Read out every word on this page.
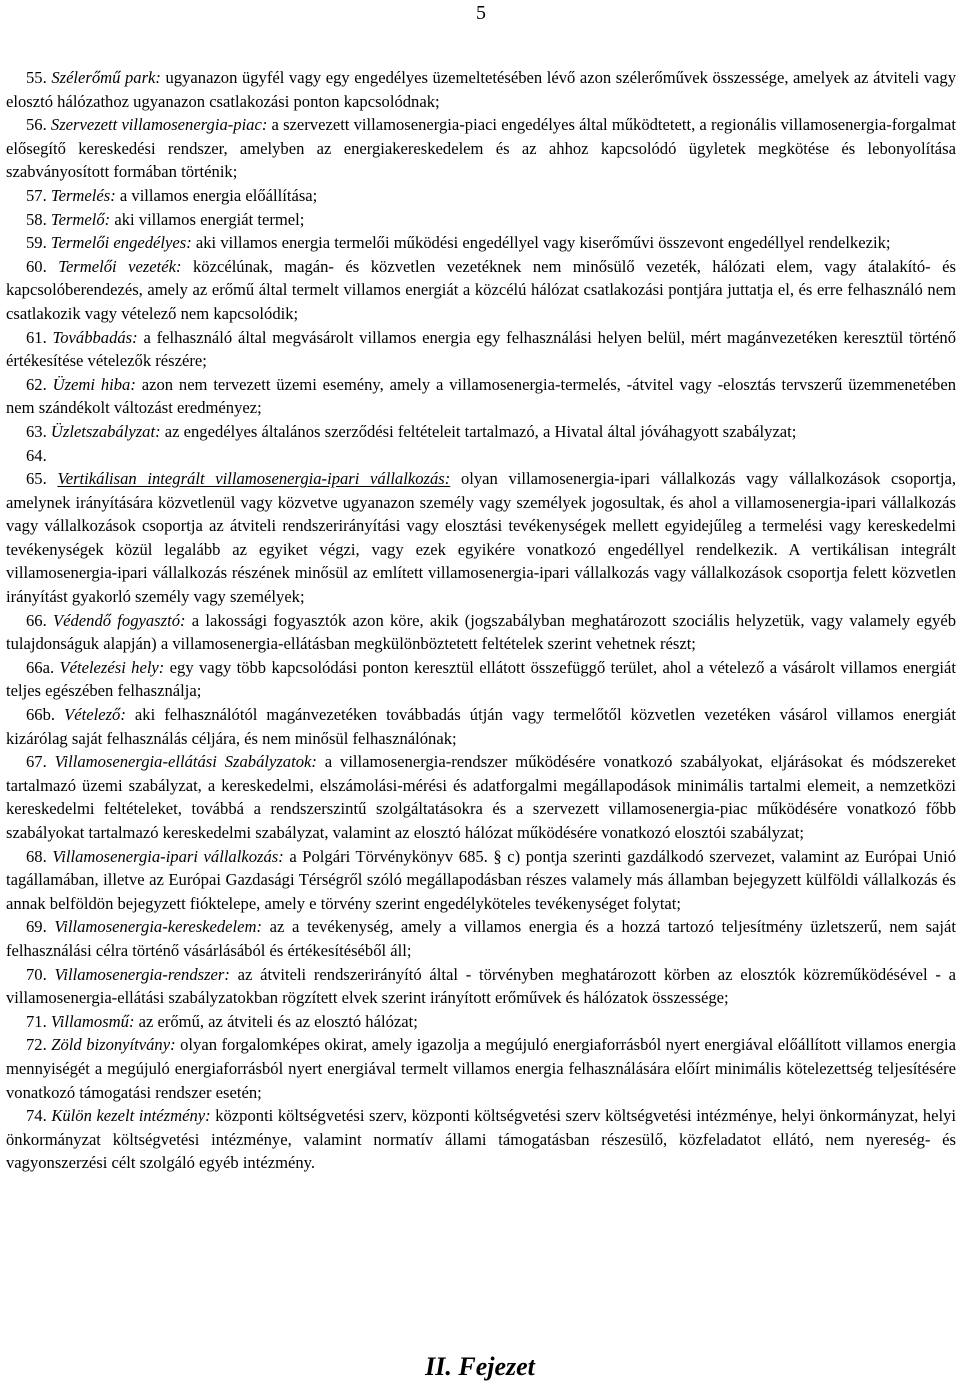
5

55. Szélerőmű park: ugyanazon ügyfél vagy egy engedélyes üzemeltetésében lévő azon szélerőművek összessége, amelyek az átviteli vagy elosztó hálózathoz ugyanazon csatlakozási ponton kapcsolódnak;

56. Szervezett villamosenergia-piac: a szervezett villamosenergia-piaci engedélyes által működtetett, a regionális villamosenergia-forgalmat elősegítő kereskedési rendszer, amelyben az energiakereskedelem és az ahhoz kapcsolódó ügyletek megkötése és lebonyolítása szabványosított formában történik;

57. Termelés: a villamos energia előállítása;

58. Termelő: aki villamos energiát termel;

59. Termelői engedélyes: aki villamos energia termelői működési engedéllyel vagy kiserőművi összevont engedéllyel rendelkezik;

60. Termelői vezeték: közcélúnak, magán- és közvetlen vezetéknek nem minősülő vezeték, hálózati elem, vagy átalakító- és kapcsolóberendezés, amely az erőmű által termelt villamos energiát a közcélú hálózat csatlakozási pontjára juttatja el, és erre felhasználó nem csatlakozik vagy vételező nem kapcsolódik;

61. Továbbadás: a felhasználó által megvásárolt villamos energia egy felhasználási helyen belül, mért magánvezetéken keresztül történő értékesítése vételezők részére;

62. Üzemi hiba: azon nem tervezett üzemi esemény, amely a villamosenergia-termelés, -átvitel vagy -elosztás tervszerű üzemmenetében nem szándékolt változást eredményez;

63. Üzletszabályzat: az engedélyes általános szerződési feltételeit tartalmazó, a Hivatal által jóváhagyott szabályzat;

64.

65. Vertikálisan integrált villamosenergia-ipari vállalkozás: olyan villamosenergia-ipari vállalkozás vagy vállalkozások csoportja, amelynek irányítására közvetlenül vagy közvetve ugyanazon személy vagy személyek jogosultak, és ahol a villamosenergia-ipari vállalkozás vagy vállalkozások csoportja az átviteli rendszerirányítási vagy elosztási tevékenységek mellett egyidejűleg a termelési vagy kereskedelmi tevékenységek közül legalább az egyiket végzi, vagy ezek egyikére vonatkozó engedéllyel rendelkezik. A vertikálisan integrált villamosenergia-ipari vállalkozás részének minősül az említett villamosenergia-ipari vállalkozás vagy vállalkozások csoportja felett közvetlen irányítást gyakorló személy vagy személyek;

66. Védendő fogyasztó: a lakossági fogyasztók azon köre, akik (jogszabályban meghatározott szociális helyzetük, vagy valamely egyéb tulajdonságuk alapján) a villamosenergia-ellátásban megkülönböztetett feltételek szerint vehetnek részt;

66a. Vételezési hely: egy vagy több kapcsolódási ponton keresztül ellátott összefüggő terület, ahol a vételező a vásárolt villamos energiát teljes egészében felhasználja;

66b. Vételező: aki felhasználótól magánvezetéken továbbadás útján vagy termelőtől közvetlen vezetéken vásárol villamos energiát kizárólag saját felhasználás céljára, és nem minősül felhasználónak;

67. Villamosenergia-ellátási Szabályzatok: a villamosenergia-rendszer működésére vonatkozó szabályokat, eljárásokat és módszereket tartalmazó üzemi szabályzat, a kereskedelmi, elszámolási-mérési és adatforgalmi megállapodások minimális tartalmi elemeit, a nemzetközi kereskedelmi feltételeket, továbbá a rendszerszintű szolgáltatásokra és a szervezett villamosenergia-piac működésére vonatkozó főbb szabályokat tartalmazó kereskedelmi szabályzat, valamint az elosztó hálózat működésére vonatkozó elosztói szabályzat;

68. Villamosenergia-ipari vállalkozás: a Polgári Törvénykönyv 685. § c) pontja szerinti gazdálkodó szervezet, valamint az Európai Unió tagállamában, illetve az Európai Gazdasági Térségről szóló megállapodásban részes valamely más államban bejegyzett külföldi vállalkozás és annak belföldön bejegyzett fióktelepe, amely e törvény szerint engedélyköteles tevékenységet folytat;

69. Villamosenergia-kereskedelem: az a tevékenység, amely a villamos energia és a hozzá tartozó teljesítmény üzletszerű, nem saját felhasználási célra történő vásárlásából és értékesítéséből áll;

70. Villamosenergia-rendszer: az átviteli rendszerirányító által - törvényben meghatározott körben az elosztók közreműködésével - a villamosenergia-ellátási szabályzatokban rögzített elvek szerint irányított erőművek és hálózatok összessége;

71. Villamosmű: az erőmű, az átviteli és az elosztó hálózat;

72. Zöld bizonyítvány: olyan forgalomképes okirat, amely igazolja a megújuló energiaforrásból nyert energiával előállított villamos energia mennyiségét a megújuló energiaforrásból nyert energiával termelt villamos energia felhasználására előírt minimális kötelezettség teljesítésére vonatkozó támogatási rendszer esetén;

74. Külön kezelt intézmény: központi költségvetési szerv, központi költségvetési szerv költségvetési intézménye, helyi önkormányzat, helyi önkormányzat költségvetési intézménye, valamint normatív állami támogatásban részesülő, közfeladatot ellátó, nem nyereség- és vagyonszerzési célt szolgáló egyéb intézmény.

II. Fejezet
